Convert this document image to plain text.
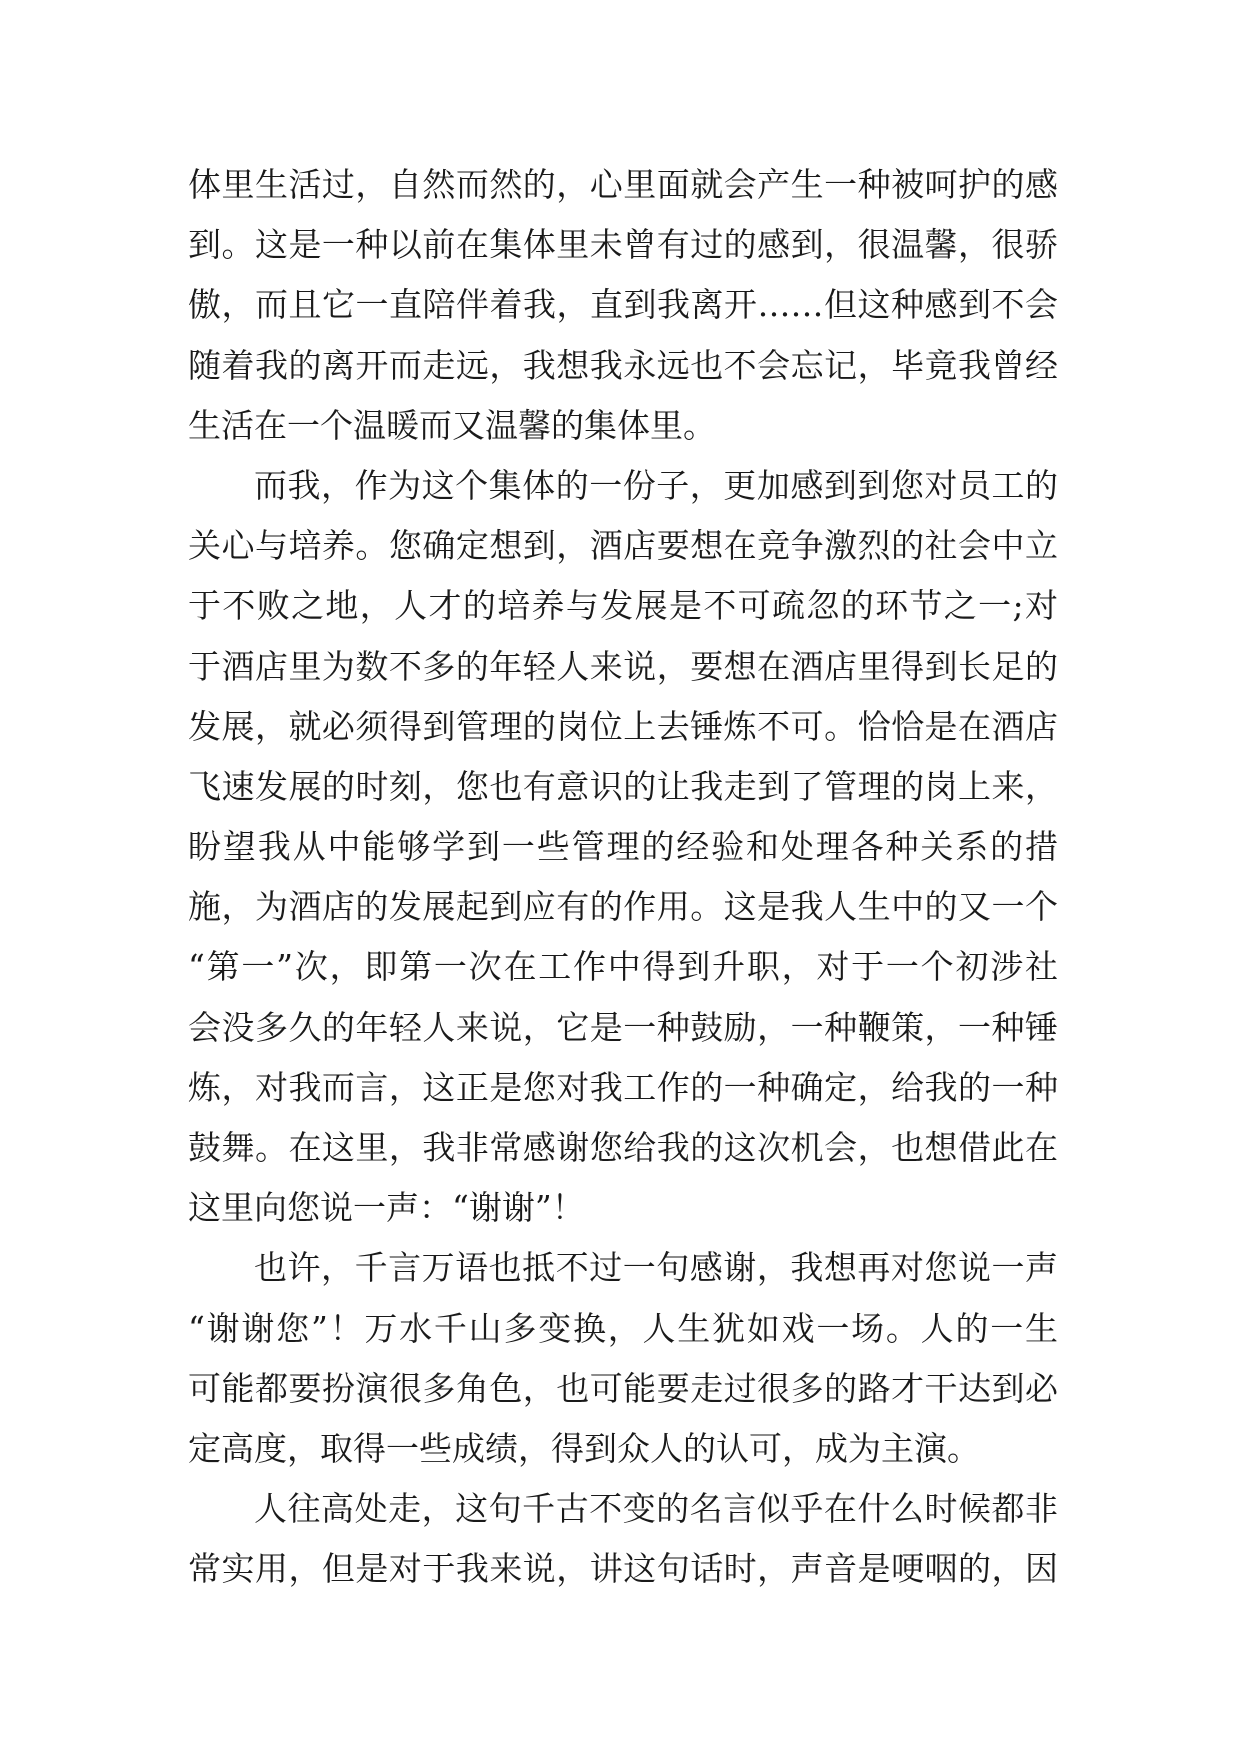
体里生活过，自然而然的，心里面就会产生一种被呵护的感
到。这是一种以前在集体里未曾有过的感到，很温馨，很骄
傲，而且它一直陪伴着我，直到我离开……但这种感到不会
随着我的离开而走远，我想我永远也不会忘记，毕竟我曾经
生活在一个温暖而又温馨的集体里。
而我，作为这个集体的一份子，更加感到到您对员工的
关心与培养。您确定想到，酒店要想在竞争激烈的社会中立
于不败之地，人才的培养与发展是不可疏忽的环节之一;对
于酒店里为数不多的年轻人来说，要想在酒店里得到长足的
发展，就必须得到管理的岗位上去锤炼不可。恰恰是在酒店
飞速发展的时刻，您也有意识的让我走到了管理的岗上来，
盼望我从中能够学到一些管理的经验和处理各种关系的措
施，为酒店的发展起到应有的作用。这是我人生中的又一个
“第一”次，即第一次在工作中得到升职，对于一个初涉社
会没多久的年轻人来说，它是一种鼓励，一种鞭策，一种锤
炼，对我而言，这正是您对我工作的一种确定，给我的一种
鼓舞。在这里，我非常感谢您给我的这次机会，也想借此在
这里向您说一声：“谢谢”！
也许，千言万语也抵不过一句感谢，我想再对您说一声
“谢谢您”！万水千山多变换，人生犹如戏一场。人的一生
可能都要扮演很多角色，也可能要走过很多的路才干达到必
定高度，取得一些成绩，得到众人的认可，成为主演。
人往高处走，这句千古不变的名言似乎在什么时候都非
常实用，但是对于我来说，讲这句话时，声音是哽咽的，因
